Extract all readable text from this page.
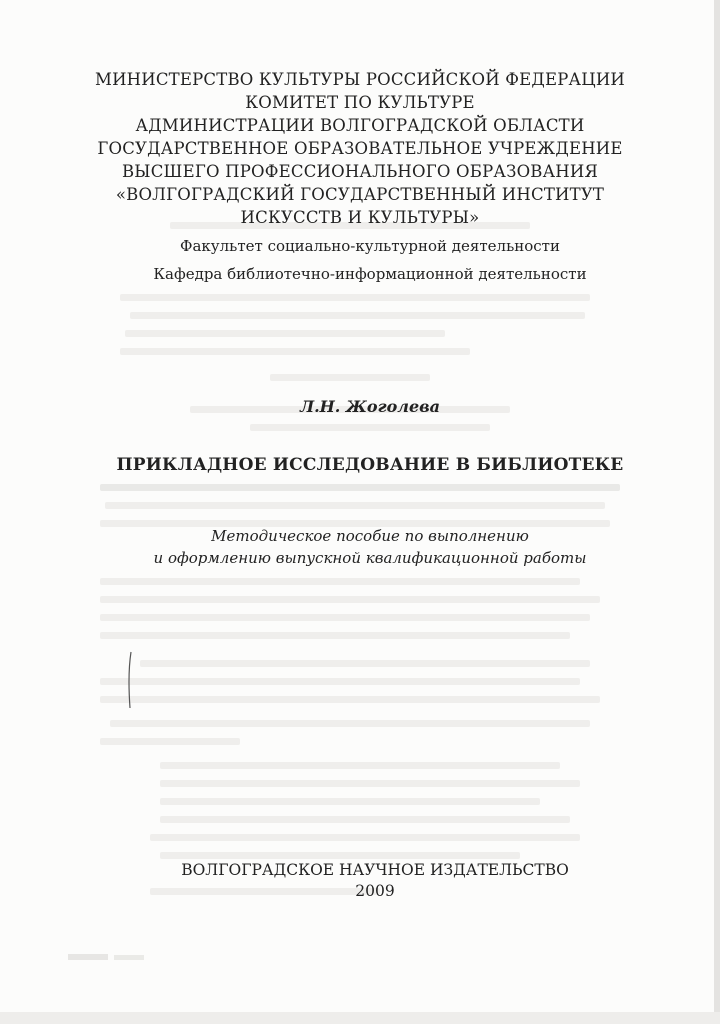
МИНИСТЕРСТВО КУЛЬТУРЫ РОССИЙСКОЙ ФЕДЕРАЦИИ
КОМИТЕТ ПО КУЛЬТУРЕ
АДМИНИСТРАЦИИ ВОЛГОГРАДСКОЙ ОБЛАСТИ
ГОСУДАРСТВЕННОЕ ОБРАЗОВАТЕЛЬНОЕ УЧРЕЖДЕНИЕ
ВЫСШЕГО ПРОФЕССИОНАЛЬНОГО ОБРАЗОВАНИЯ
«ВОЛГОГРАДСКИЙ ГОСУДАРСТВЕННЫЙ ИНСТИТУТ
ИСКУССТВ И КУЛЬТУРЫ»
Факультет социально-культурной деятельности
Кафедра библиотечно-информационной деятельности
Л.Н. Жоголева
ПРИКЛАДНОЕ ИССЛЕДОВАНИЕ В БИБЛИОТЕКЕ
Методическое пособие по выполнению
и оформлению выпускной квалификационной работы
ВОЛГОГРАДСКОЕ НАУЧНОЕ ИЗДАТЕЛЬСТВО
2009
